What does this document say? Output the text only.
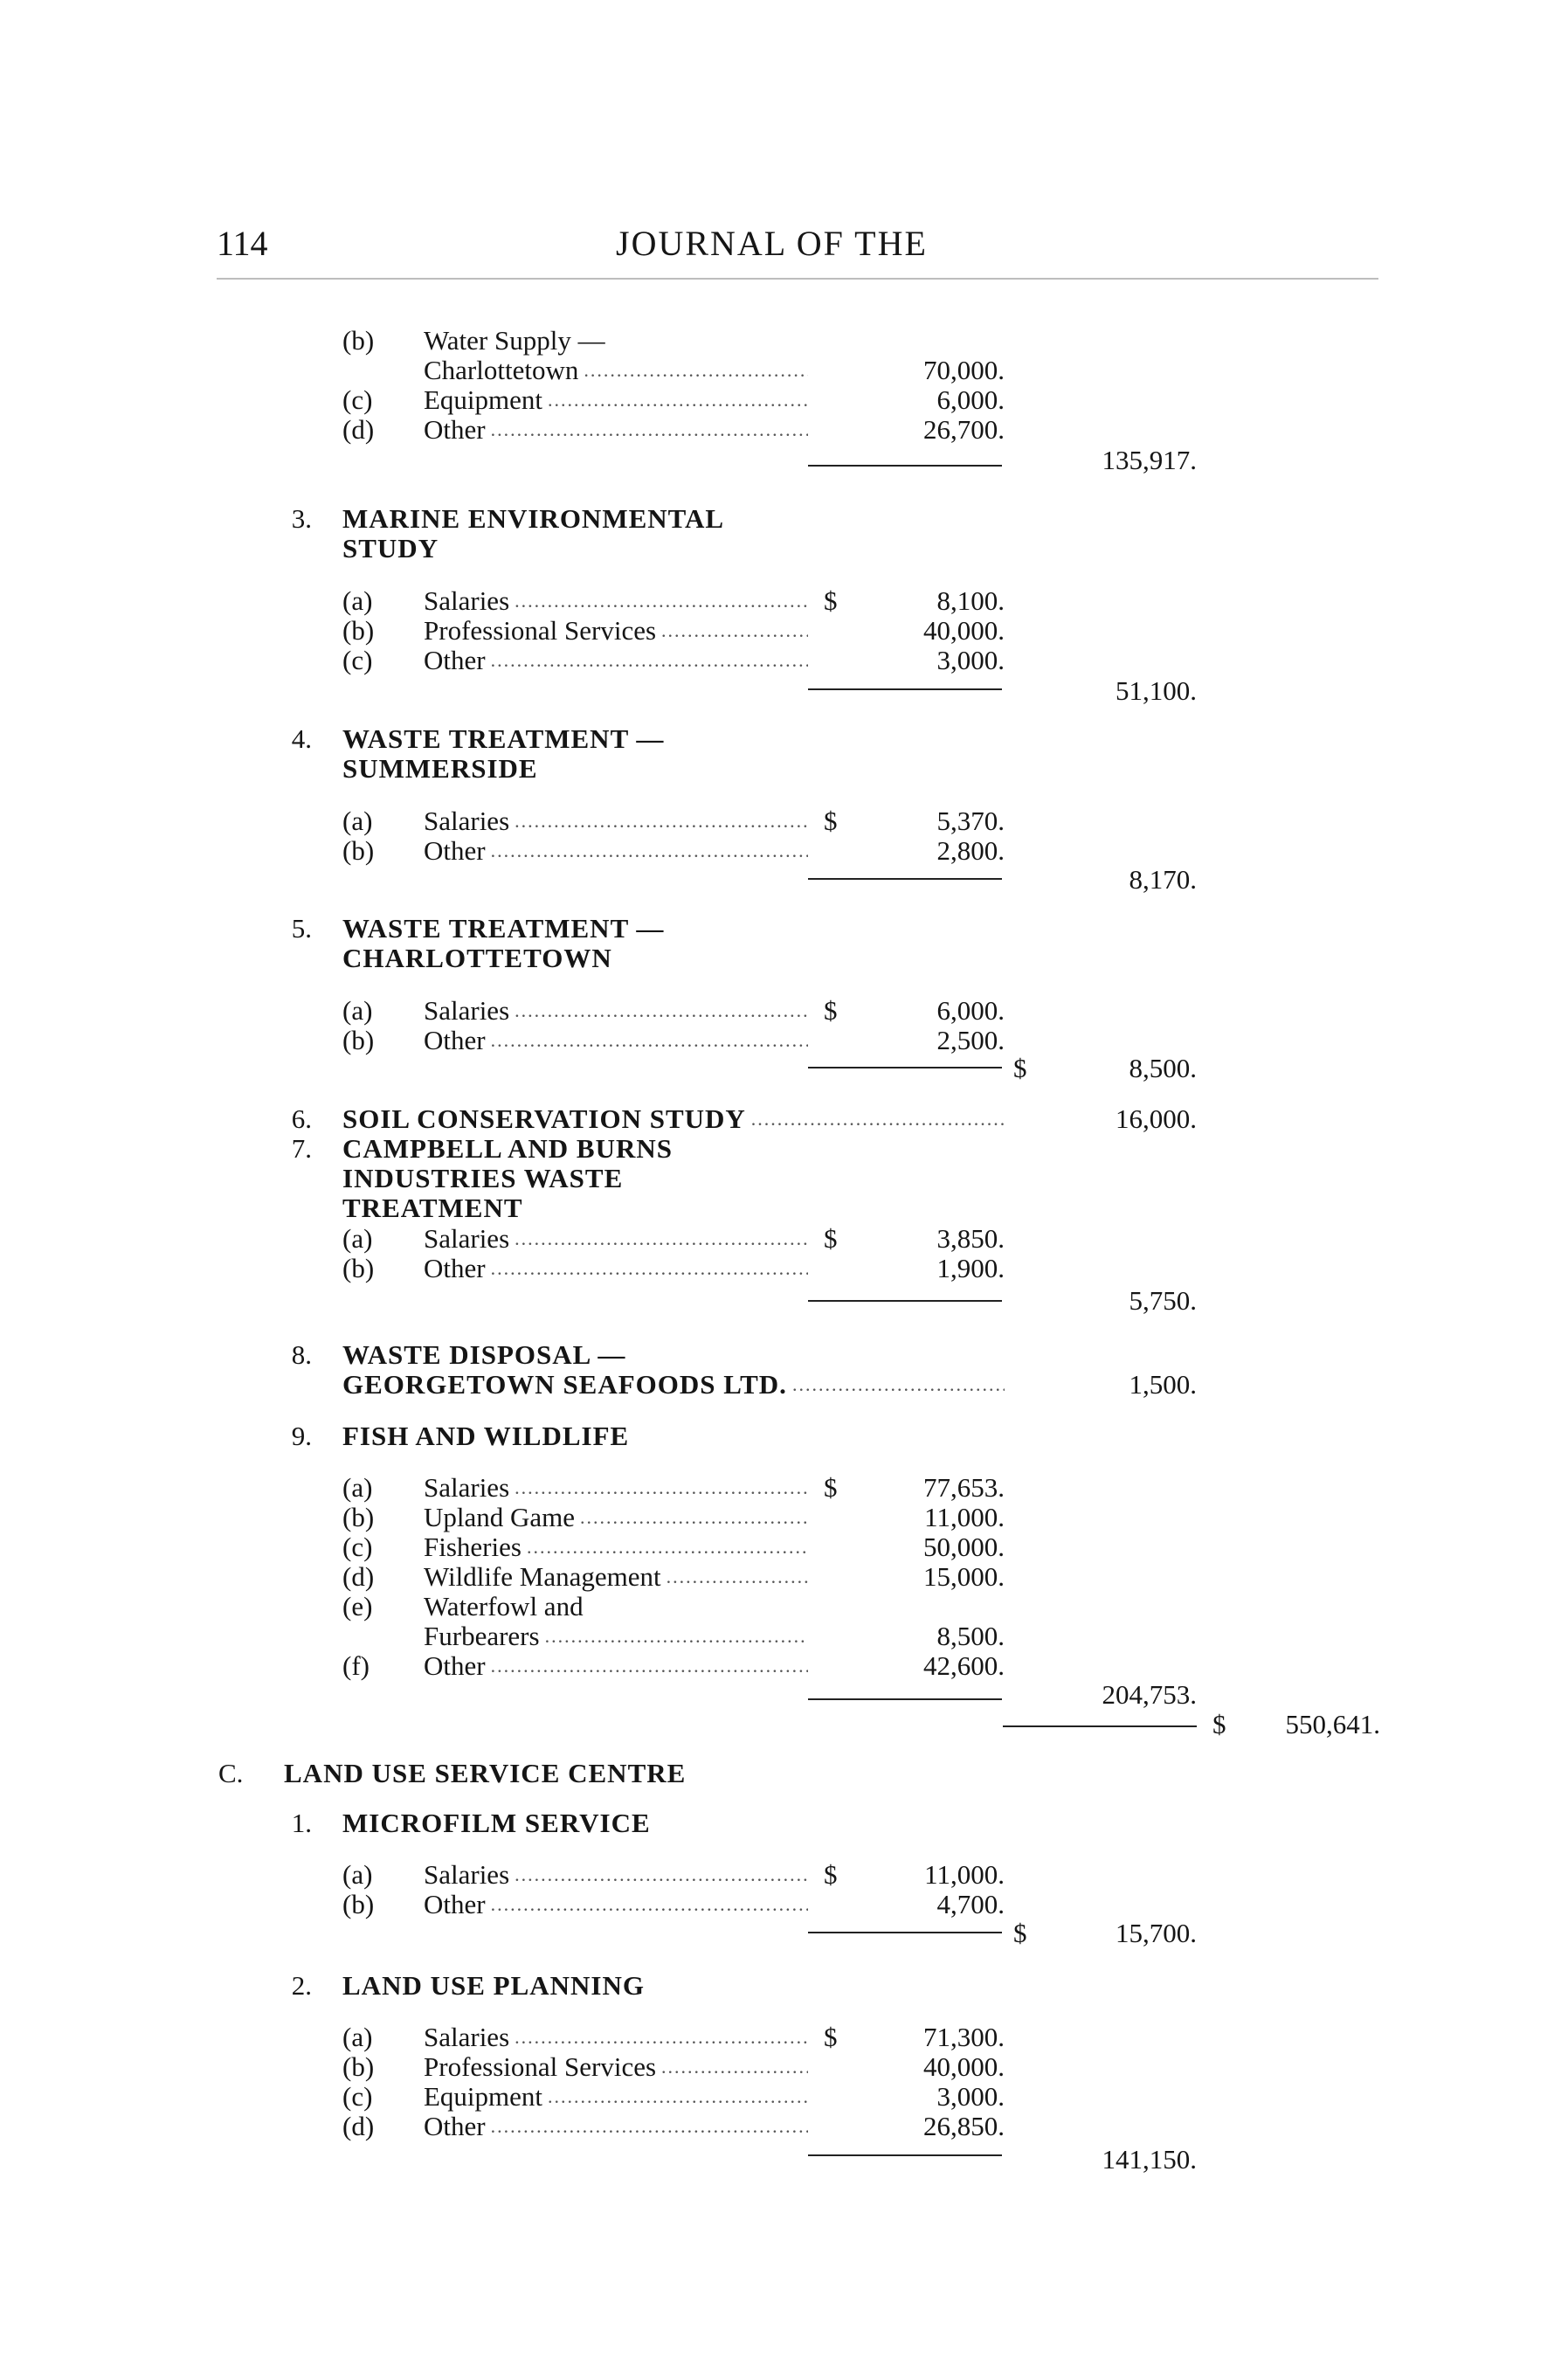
114	JOURNAL OF THE
(b) Water Supply —
Charlottetown .....	70,000.
(c) Equipment .....	6,000.
(d) Other .....	26,700.
135,917.
3. MARINE ENVIRONMENTAL
STUDY
(a) Salaries .....	$	8,100.
(b) Professional Services .....	40,000.
(c) Other .....	3,000.
51,100.
4. WASTE TREATMENT —
SUMMERSIDE
(a) Salaries .....	$	5,370.
(b) Other .....	2,800.
8,170.
5. WASTE TREATMENT —
CHARLOTTETOWN
(a) Salaries .....	$	6,000.
(b) Other .....	2,500.
$	8,500.
6. SOIL CONSERVATION STUDY .....	16,000.
7. CAMPBELL AND BURNS
INDUSTRIES WASTE
TREATMENT
(a) Salaries .....	$	3,850.
(b) Other .....	1,900.
5,750.
8. WASTE DISPOSAL —
GEORGETOWN SEAFOODS LTD. .....	1,500.
9. FISH AND WILDLIFE
(a) Salaries .....	$	77,653.
(b) Upland Game .....	11,000.
(c) Fisheries .....	50,000.
(d) Wildlife Management .....	15,000.
(e) Waterfowl and
Furbearers .....	8,500.
(f) Other .....	42,600.
204,753.
$	550,641.
C. LAND USE SERVICE CENTRE
1. MICROFILM SERVICE
(a) Salaries .....	$	11,000.
(b) Other .....	4,700.
$	15,700.
2. LAND USE PLANNING
(a) Salaries .....	$	71,300.
(b) Professional Services .....	40,000.
(c) Equipment .....	3,000.
(d) Other .....	26,850.
141,150.
